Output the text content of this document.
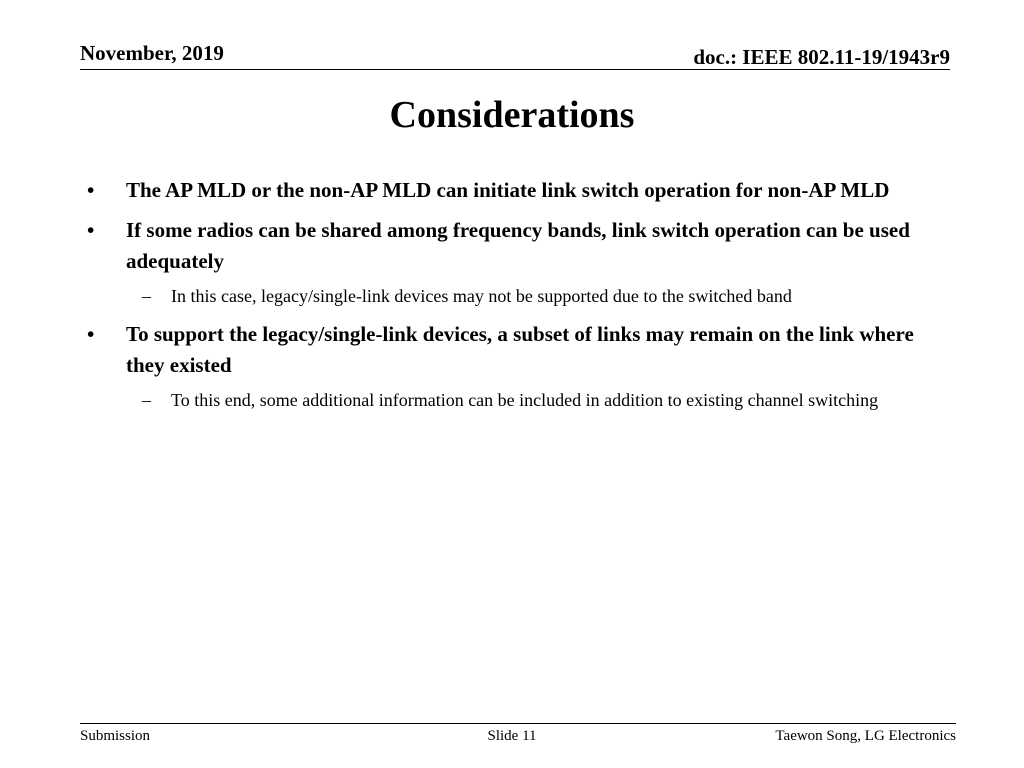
November, 2019	doc.: IEEE 802.11-19/1943r9
Considerations
• The AP MLD or the non-AP MLD can initiate link switch operation for non-AP MLD
• If some radios can be shared among frequency bands, link switch operation can be used adequately
– In this case, legacy/single-link devices may not be supported due to the switched band
• To support the legacy/single-link devices, a subset of links may remain on the link where they existed
– To this end, some additional information can be included in addition to existing channel switching
Submission	Slide 11	Taewon Song, LG Electronics
